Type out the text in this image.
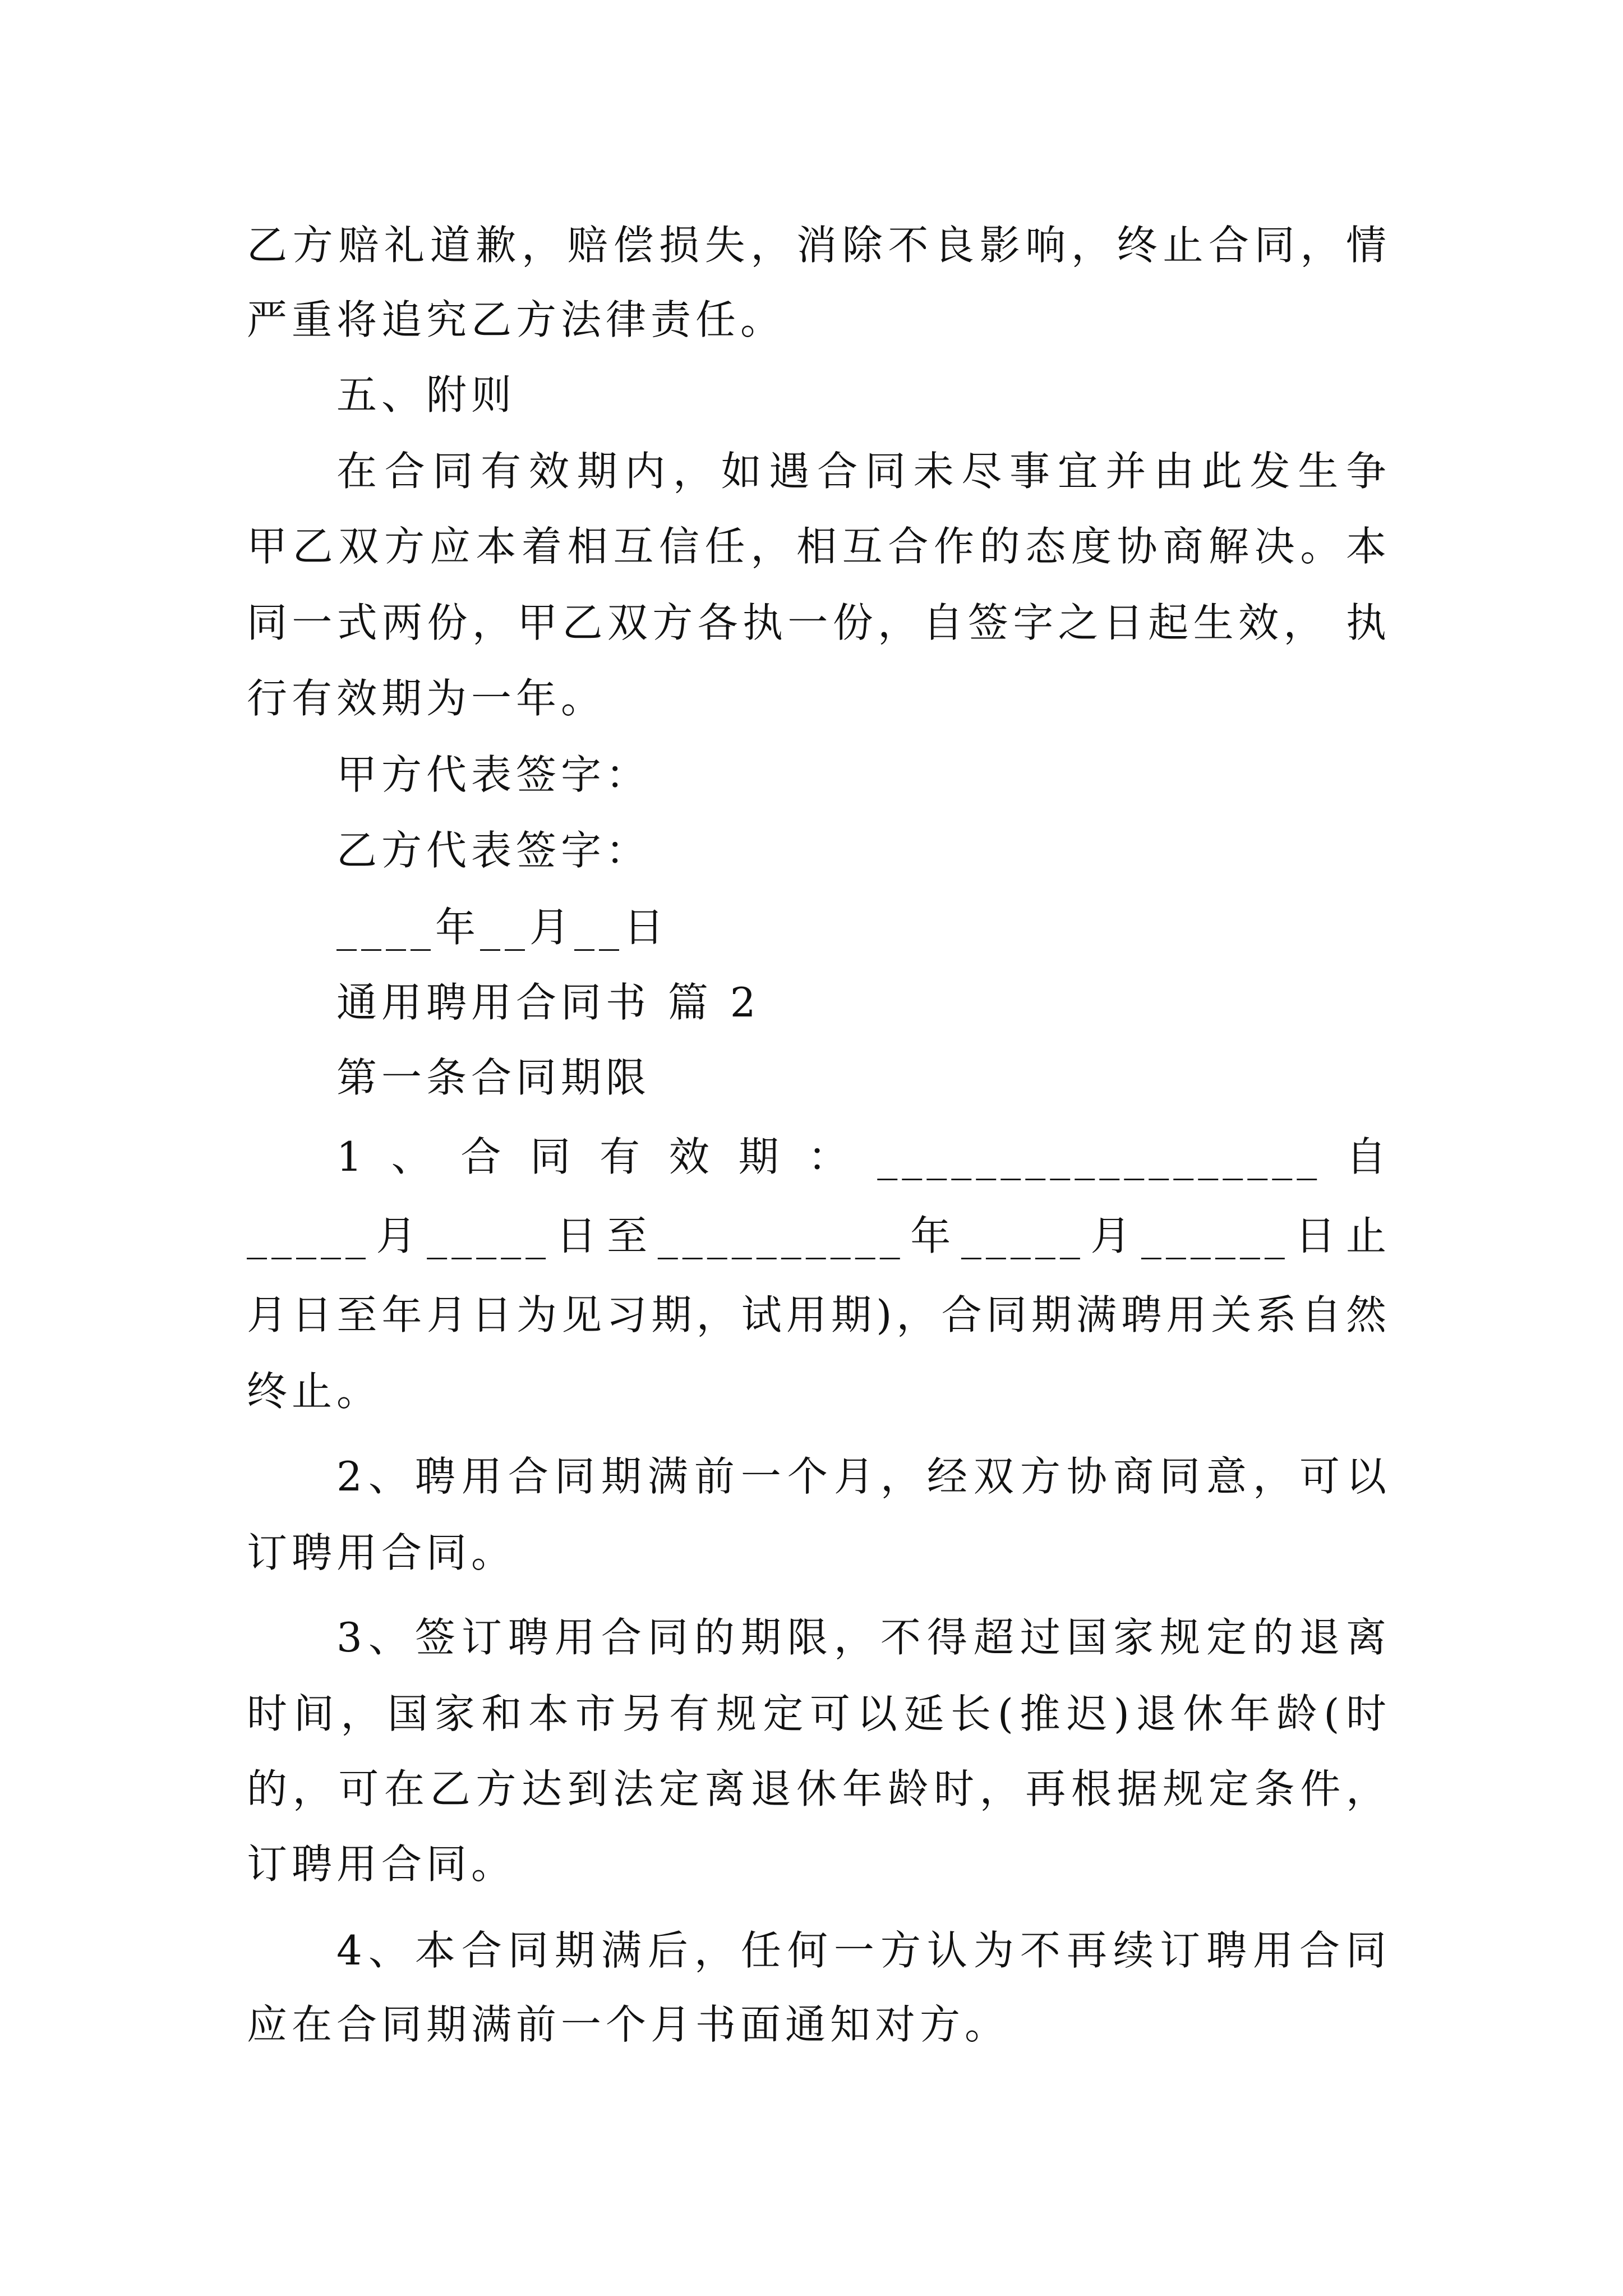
乙方赔礼道歉，赔偿损失，消除不良影响，终止合同，情
严重将追究乙方法律责任。
五、附则
在合同有效期内，如遇合同未尽事宜并由此发生争
甲乙双方应本着相互信任，相互合作的态度协商解决。本
同一式两份，甲乙双方各执一份，自签字之日起生效， 执
行有效期为一年。
甲方代表签字：
乙方代表签字：
____年__月__日
通用聘用合同书 篇 2
第一条合同期限
1、合同有效期：__________________自
_____月_____日至__________年_____月______日止
月日至年月日为见习期，试用期)，合同期满聘用关系自然
终止。
2、聘用合同期满前一个月，经双方协商同意，可以
订聘用合同。
3、签订聘用合同的期限，不得超过国家规定的退离
时间，国家和本市另有规定可以延长(推迟)退休年龄(时
的，可在乙方达到法定离退休年龄时，再根据规定条件，
订聘用合同。
4、本合同期满后，任何一方认为不再续订聘用合同
应在合同期满前一个月书面通知对方。
